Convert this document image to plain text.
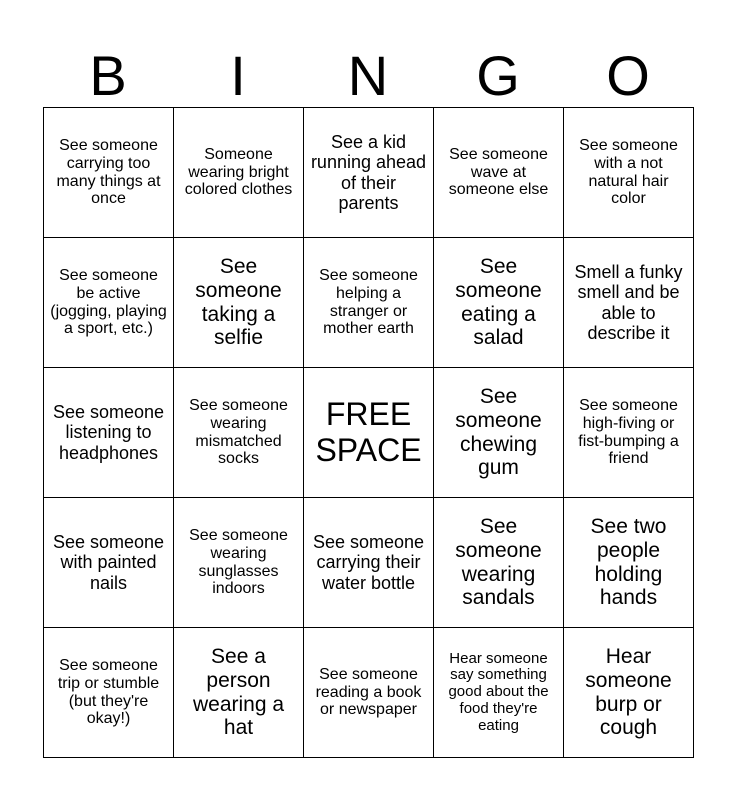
B	I	N	G	O
See someone carrying too many things at once	Someone wearing bright colored clothes	See a kid running ahead of their parents	See someone wave at someone else	See someone with a not natural hair color
See someone be active (jogging, playing a sport, etc.)	See someone taking a selfie	See someone helping a stranger or mother earth	See someone eating a salad	Smell a funky smell and be able to describe it
See someone listening to headphones	See someone wearing mismatched socks	FREE SPACE	See someone chewing gum	See someone high-fiving or fist-bumping a friend
See someone with painted nails	See someone wearing sunglasses indoors	See someone carrying their water bottle	See someone wearing sandals	See two people holding hands
See someone trip or stumble (but they're okay!)	See a person wearing a hat	See someone reading a book or newspaper	Hear someone say something good about the food they're eating	Hear someone burp or cough
